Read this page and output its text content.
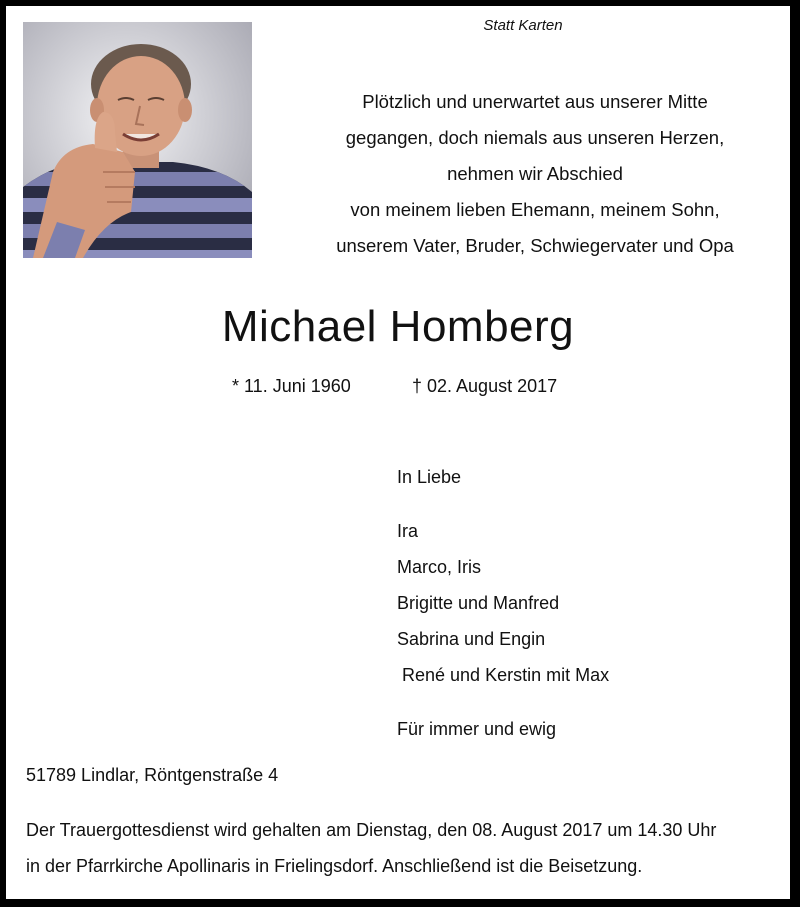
Statt Karten
Plötzlich und unerwartet aus unserer Mitte
gegangen, doch niemals aus unseren Herzen,
nehmen wir Abschied
von meinem lieben Ehemann, meinem Sohn,
unserem Vater, Bruder, Schwiegervater und Opa
Michael Homberg
* 11. Juni 1960	† 02. August 2017
In Liebe
Ira
Marco, Iris
Brigitte und Manfred
Sabrina und Engin
René und Kerstin mit Max
Für immer und ewig
51789 Lindlar, Röntgenstraße 4
Der Trauergottesdienst wird gehalten am Dienstag, den 08. August 2017 um 14.30 Uhr
in der Pfarrkirche Apollinaris in Frielingsdorf. Anschließend ist die Beisetzung.
